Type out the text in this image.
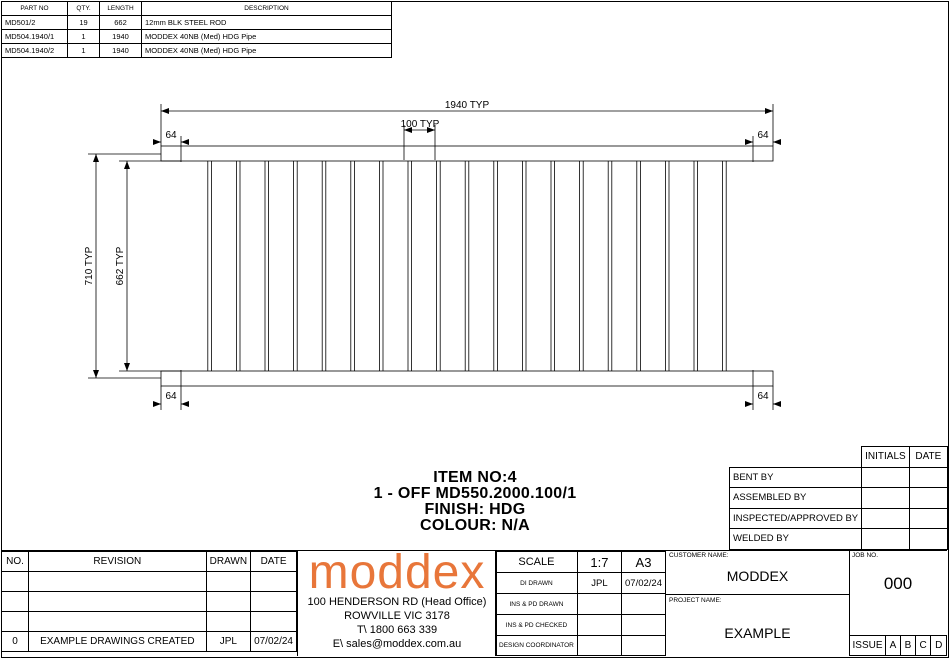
PART NO	QTY.	LENGTH	DESCRIPTION
MD501/2	19	662	12mm BLK STEEL ROD
MD504.1940/1	1	1940	MODDEX 40NB (Med) HDG Pipe
MD504.1940/2	1	1940	MODDEX 40NB (Med) HDG Pipe
1940 TYP
100 TYP
64	64
64	64
710 TYP 662 TYP
ITEM NO:4
1 - OFF MD550.2000.100/1
FINISH: HDG
COLOUR: N/A
	INITIALS	DATE
BENT BY		
ASSEMBLED BY		
INSPECTED/APPROVED BY		
WELDED BY		
NO.	REVISION	DRAWN	DATE

0	EXAMPLE DRAWINGS CREATED	JPL	07/02/24
moddex
100 HENDERSON RD (Head Office)
ROWVILLE VIC 3178
T\ 1800 663 339
E\ sales@moddex.com.au
SCALE	1:7	A3
DI DRAWN	JPL	07/02/24
INS & PD DRAWN		
INS & PD CHECKED		
DESIGN COORDINATOR		
CUSTOMER NAME:
MODDEX
PROJECT NAME:
EXAMPLE
JOB NO.
000
ISSUE	A	B	C	D
